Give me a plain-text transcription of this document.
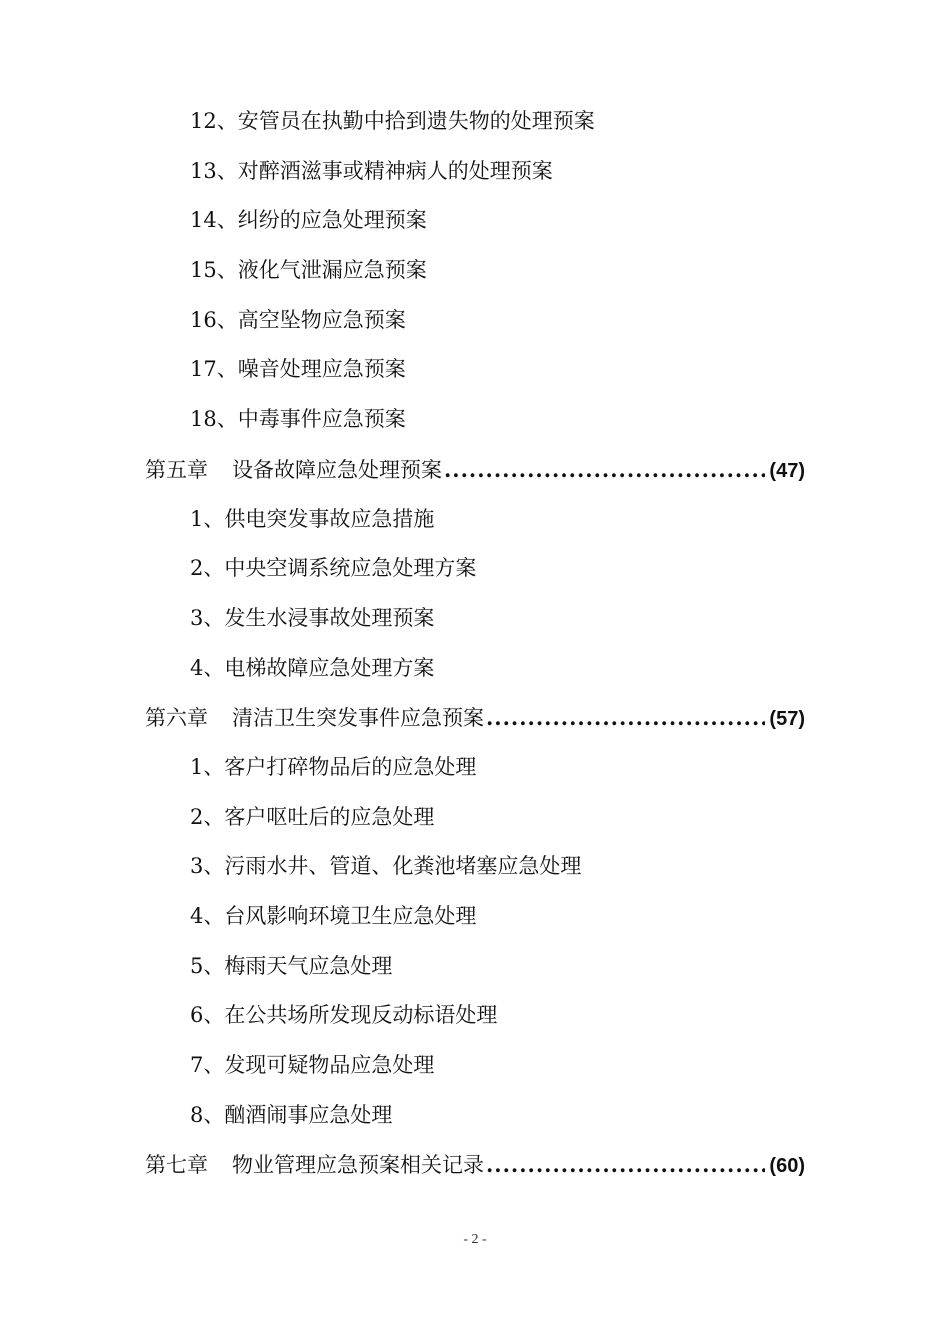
12、安管员在执勤中拾到遗失物的处理预案
13、对醉酒滋事或精神病人的处理预案
14、纠纷的应急处理预案
15、液化气泄漏应急预案
16、高空坠物应急预案
17、噪音处理应急预案
18、中毒事件应急预案
第五章 设备故障应急处理预案 .....	(47)
1、供电突发事故应急措施
2、中央空调系统应急处理方案
3、发生水浸事故处理预案
4、电梯故障应急处理方案
第六章 清洁卫生突发事件应急预案 .....	(57)
1、客户打碎物品后的应急处理
2、客户呕吐后的应急处理
3、污雨水井、管道、化粪池堵塞应急处理
4、台风影响环境卫生应急处理
5、梅雨天气应急处理
6、在公共场所发现反动标语处理
7、发现可疑物品应急处理
8、酗酒闹事应急处理
第七章 物业管理应急预案相关记录 .....	(60)
- 2 -
